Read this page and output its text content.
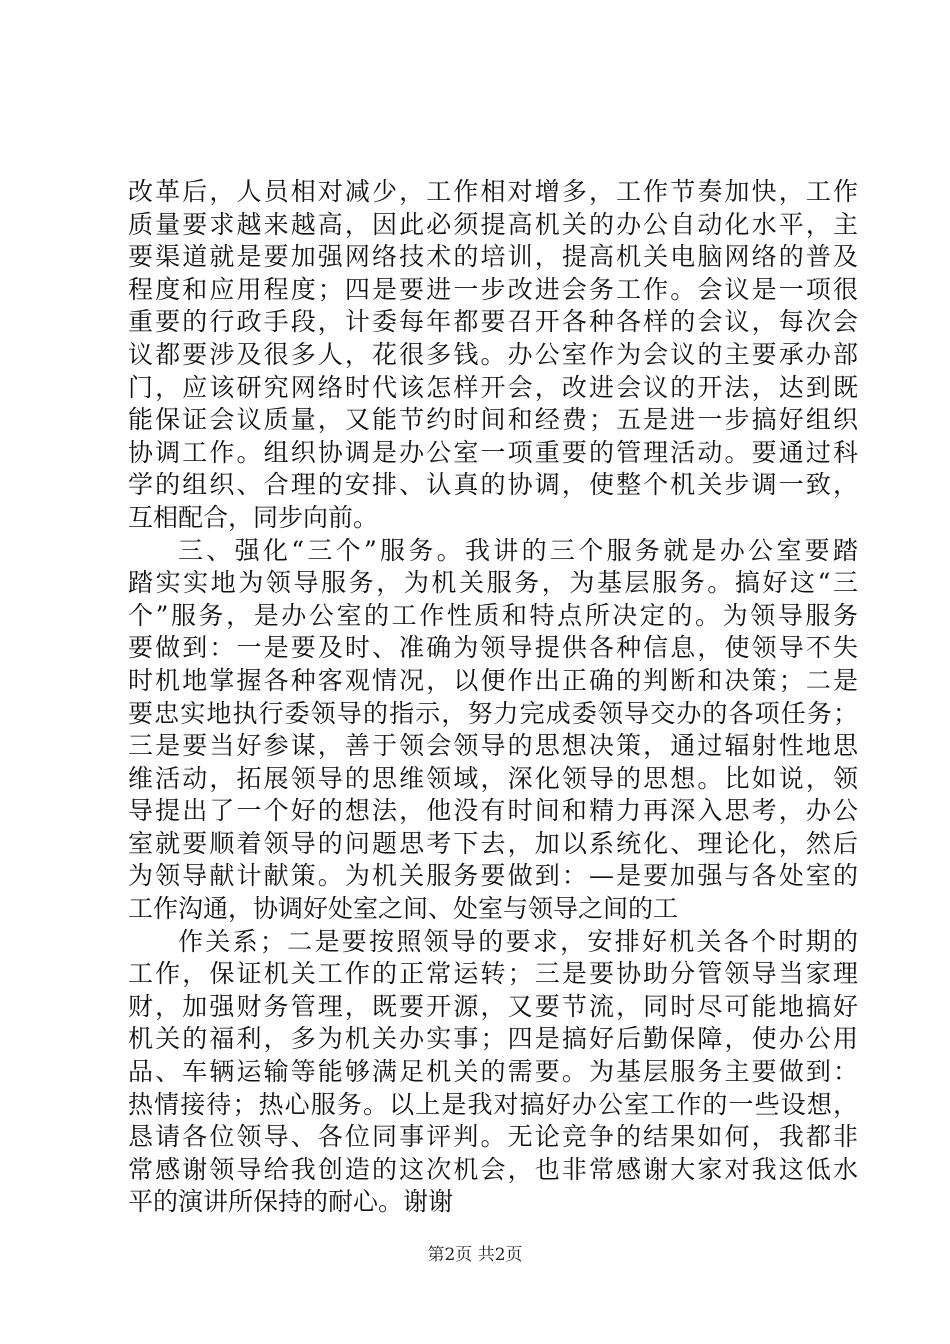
改革后，人员相对减少，工作相对增多，工作节奏加快，工作
质量要求越来越高，因此必须提高机关的办公自动化水平，主
要渠道就是要加强网络技术的培训，提高机关电脑网络的普及
程度和应用程度；四是要进一步改进会务工作。会议是一项很
重要的行政手段，计委每年都要召开各种各样的会议，每次会
议都要涉及很多人，花很多钱。办公室作为会议的主要承办部
门，应该研究网络时代该怎样开会，改进会议的开法，达到既
能保证会议质量，又能节约时间和经费；五是进一步搞好组织
协调工作。组织协调是办公室一项重要的管理活动。要通过科
学的组织、合理的安排、认真的协调，使整个机关步调一致，
互相配合，同步向前。
三、强化“三个”服务。我讲的三个服务就是办公室要踏
踏实实地为领导服务，为机关服务，为基层服务。搞好这“三
个”服务，是办公室的工作性质和特点所决定的。为领导服务
要做到：一是要及时、准确为领导提供各种信息，使领导不失
时机地掌握各种客观情况，以便作出正确的判断和决策；二是
要忠实地执行委领导的指示，努力完成委领导交办的各项任务；
三是要当好参谋，善于领会领导的思想决策，通过辐射性地思
维活动，拓展领导的思维领域，深化领导的思想。比如说，领
导提出了一个好的想法，他没有时间和精力再深入思考，办公
室就要顺着领导的问题思考下去，加以系统化、理论化，然后
为领导献计献策。为机关服务要做到：—是要加强与各处室的
工作沟通，协调好处室之间、处室与领导之间的工
作关系；二是要按照领导的要求，安排好机关各个时期的
工作，保证机关工作的正常运转；三是要协助分管领导当家理
财，加强财务管理，既要开源，又要节流，同时尽可能地搞好
机关的福利，多为机关办实事；四是搞好后勤保障，使办公用
品、车辆运输等能够满足机关的需要。为基层服务主要做到：
热情接待；热心服务。以上是我对搞好办公室工作的一些设想，
恳请各位领导、各位同事评判。无论竞争的结果如何，我都非
常感谢领导给我创造的这次机会，也非常感谢大家对我这低水
平的演讲所保持的耐心。谢谢
第2页 共2页
